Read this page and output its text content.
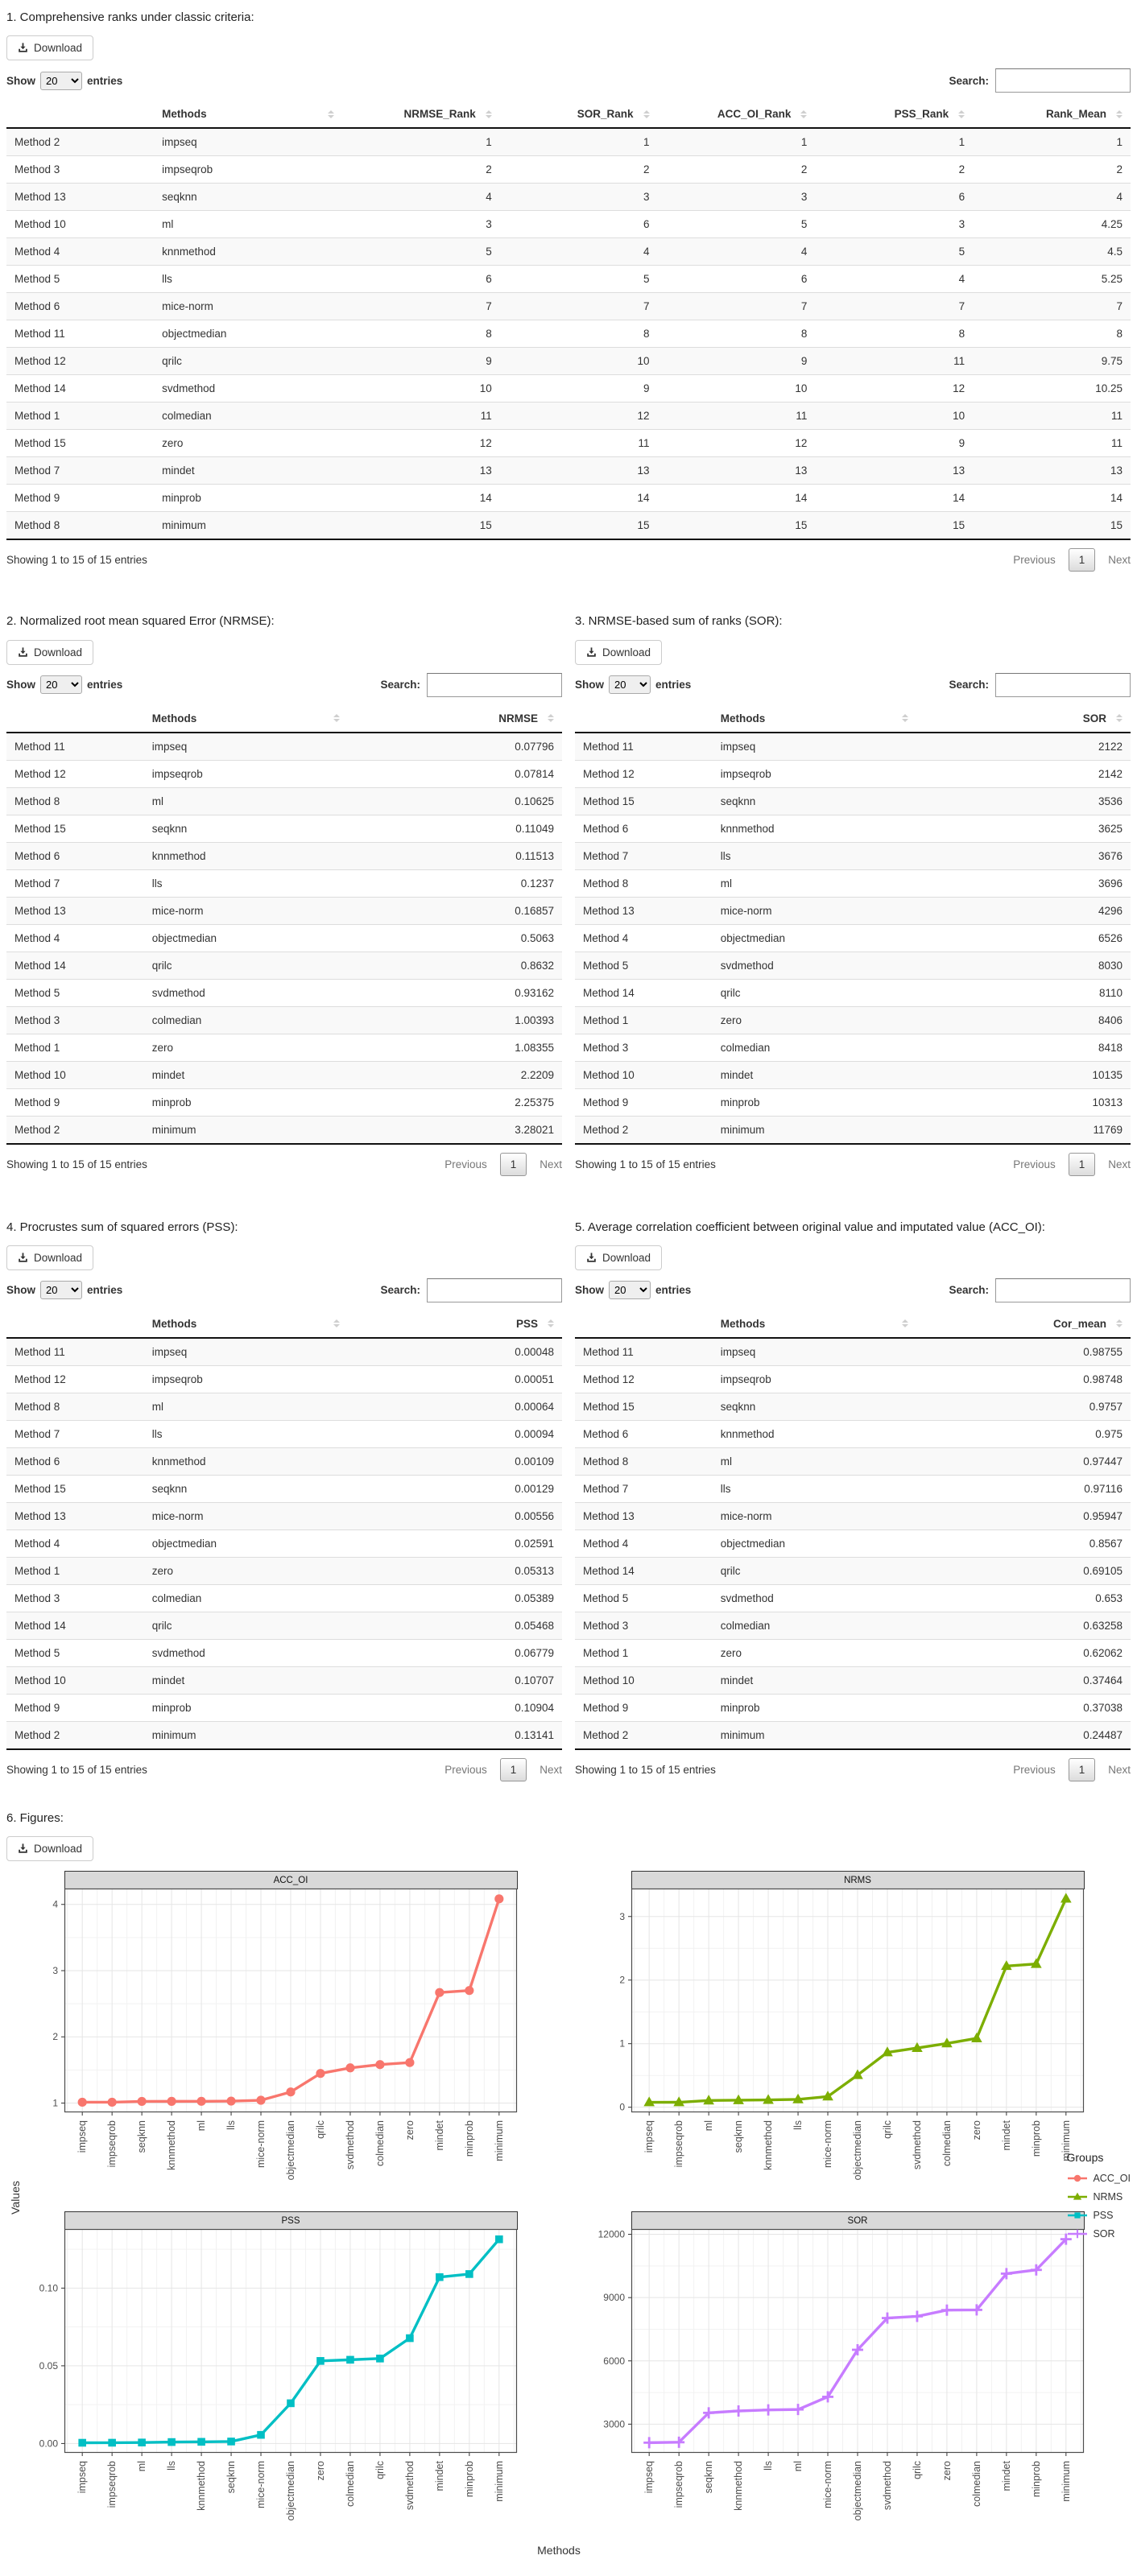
1. Comprehensive ranks under classic criteria:
Download
Show
20	entries	Search:

	Methods	NRMSE_Rank	SOR_Rank	ACC_OI_Rank	PSS_Rank	Rank_Mean

Method 2	impseq	1	1	1	1	1
Method 3	impseqrob	2	2	2	2	2
Method 13	seqknn	4	3	3	6	4
Method 10	ml	3	6	5	3	4.25
Method 4	knnmethod	5	4	4	5	4.5
Method 5	lls	6	5	6	4	5.25
Method 6	mice-norm	7	7	7	7	7
Method 11	objectmedian	8	8	8	8	8
Method 12	qrilc	9	10	9	11	9.75
Method 14	svdmethod	10	9	10	12	10.25
Method 1	colmedian	11	12	11	10	11
Method 15	zero	12	11	12	9	11
Method 7	mindet	13	13	13	13	13
Method 9	minprob	14	14	14	14	14
Method 8	minimum	15	15	15	15	15
Showing 1 to 15 of 15 entries	Previous	1	Next
2. Normalized root mean squared Error (NRMSE):
Download
Show
20	entries	Search:

	Methods	NRMSE

Method 11	impseq	0.07796
Method 12	impseqrob	0.07814
Method 8	ml	0.10625
Method 15	seqknn	0.11049
Method 6	knnmethod	0.11513
Method 7	lls	0.1237
Method 13	mice-norm	0.16857
Method 4	objectmedian	0.5063
Method 14	qrilc	0.8632
Method 5	svdmethod	0.93162
Method 3	colmedian	1.00393
Method 1	zero	1.08355
Method 10	mindet	2.2209
Method 9	minprob	2.25375
Method 2	minimum	3.28021
Showing 1 to 15 of 15 entries	Previous	1	Next
3. NRMSE-based sum of ranks (SOR):
Download
Show
20	entries	Search:

	Methods	SOR

Method 11	impseq	2122
Method 12	impseqrob	2142
Method 15	seqknn	3536
Method 6	knnmethod	3625
Method 7	lls	3676
Method 8	ml	3696
Method 13	mice-norm	4296
Method 4	objectmedian	6526
Method 5	svdmethod	8030
Method 14	qrilc	8110
Method 1	zero	8406
Method 3	colmedian	8418
Method 10	mindet	10135
Method 9	minprob	10313
Method 2	minimum	11769
Showing 1 to 15 of 15 entries	Previous	1	Next
4. Procrustes sum of squared errors (PSS):
Download
Show
20	entries	Search:

	Methods	PSS

Method 11	impseq	0.00048
Method 12	impseqrob	0.00051
Method 8	ml	0.00064
Method 7	lls	0.00094
Method 6	knnmethod	0.00109
Method 15	seqknn	0.00129
Method 13	mice-norm	0.00556
Method 4	objectmedian	0.02591
Method 1	zero	0.05313
Method 3	colmedian	0.05389
Method 14	qrilc	0.05468
Method 5	svdmethod	0.06779
Method 10	mindet	0.10707
Method 9	minprob	0.10904
Method 2	minimum	0.13141
Showing 1 to 15 of 15 entries	Previous	1	Next
5. Average correlation coefficient between original value and imputated value (ACC_OI):
Download
Show
20	entries	Search:

	Methods	Cor_mean

Method 11	impseq	0.98755
Method 12	impseqrob	0.98748
Method 15	seqknn	0.9757
Method 6	knnmethod	0.975
Method 8	ml	0.97447
Method 7	lls	0.97116
Method 13	mice-norm	0.95947
Method 4	objectmedian	0.8567
Method 14	qrilc	0.69105
Method 5	svdmethod	0.653
Method 3	colmedian	0.63258
Method 1	zero	0.62062
Method 10	mindet	0.37464
Method 9	minprob	0.37038
Method 2	minimum	0.24487
Showing 1 to 15 of 15 entries	Previous	1	Next
6. Figures:
Download
Values
ACC_OI
1
2
3
4
impseq impseqrob seqknn knnmethod ml lls mice-norm objectmedian qrilc svdmethod colmedian zero mindet minprob minimum
NRMS
0
1
2
3
impseq impseqrob ml seqknn knnmethod lls mice-norm objectmedian qrilc svdmethod colmedian zero mindet minprob minimum
PSS
0.00
0.05
0.10
impseq impseqrob ml lls knnmethod seqknn mice-norm objectmedian zero colmedian qrilc svdmethod mindet minprob minimum
SOR
3000
6000
9000
12000
impseq impseqrob seqknn knnmethod lls ml mice-norm objectmedian svdmethod qrilc zero colmedian mindet minprob minimum
Groups
ACC_OI
NRMS
PSS
SOR
Methods
